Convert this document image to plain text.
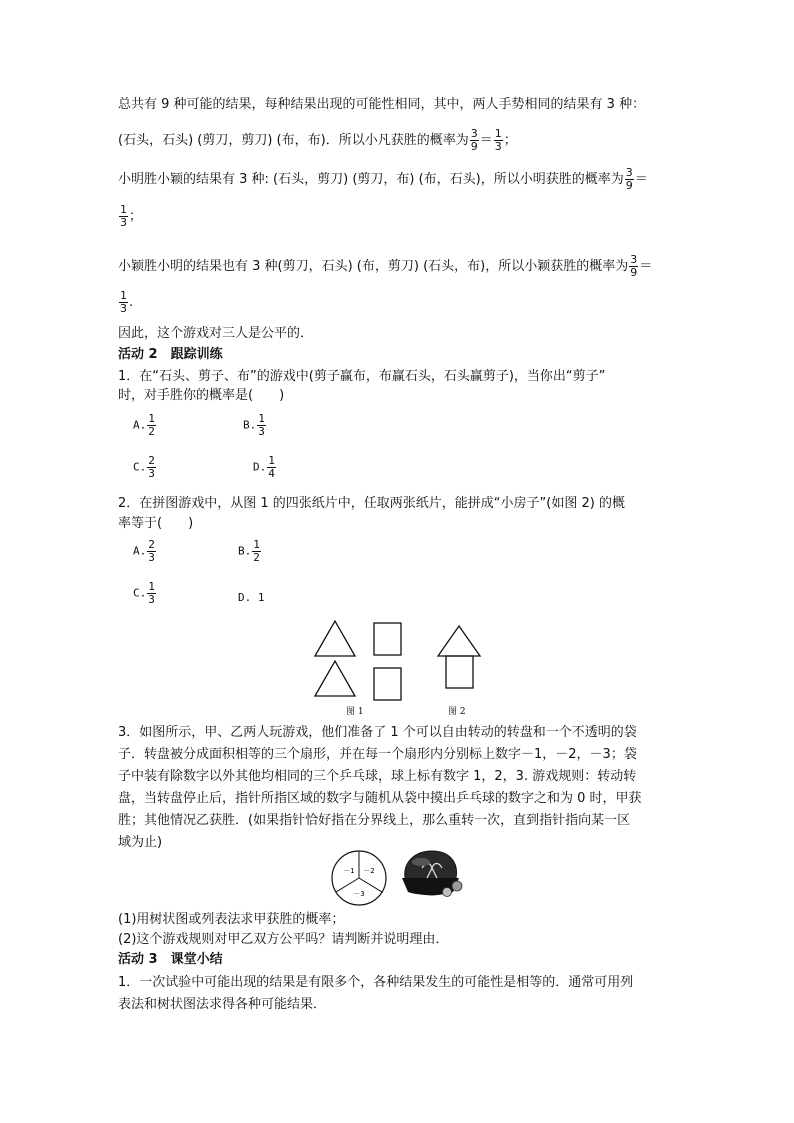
总共有 9 种可能的结果，每种结果出现的可能性相同，其中，两人手势相同的结果有 3 种：
(石头，石头) (剪刀，剪刀) (布，布)．所以小凡获胜的概率为 $\frac{3}{9} = \frac{1}{3}$ ；
小明胜小颖的结果有 3 种: (石头，剪刀) (剪刀，布) (布，石头)，所以小明获胜的概率为 $\frac{3}{9}$ ＝
$\frac{1}{3}$ ；
小颖胜小明的结果也有 3 种(剪刀，石头) (布，剪刀) (石头，布)，所以小颖获胜的概率为 $\frac{3}{9}$ ＝
$\frac{1}{3}$ .
因此，这个游戏对三人是公平的．
活动 2　跟踪训练
1．在“石头、剪子、布”的游戏中(剪子赢布，布赢石头，石头赢剪子)，当你出“剪子”
时，对手胜你的概率是(　　)
A. $\frac{1}{2}$	B. $\frac{1}{3}$
C. $\frac{2}{3}$	D. $\frac{1}{4}$
2．在拼图游戏中，从图 1 的四张纸片中，任取两张纸片，能拼成“小房子”(如图 2) 的概
率等于(　　)
A. $\frac{2}{3}$	B. $\frac{1}{2}$
C. $\frac{1}{3}$	D. 1
图 1	图 2
3．如图所示，甲、乙两人玩游戏，他们准备了 1 个可以自由转动的转盘和一个不透明的袋
子．转盘被分成面积相等的三个扇形，并在每一个扇形内分别标上数字－1，－2，－3；袋
子中装有除数字以外其他均相同的三个乒乓球，球上标有数字 1，2，3. 游戏规则：转动转
盘，当转盘停止后，指针所指区域的数字与随机从袋中摸出乒乓球的数字之和为 0 时，甲获
胜；其他情况乙获胜．(如果指针恰好指在分界线上，那么重转一次，直到指针指向某一区
域为止)
－1 －2
－3
(1)用树状图或列表法求甲获胜的概率；
(2)这个游戏规则对甲乙双方公平吗？请判断并说明理由．
活动 3　课堂小结
1．一次试验中可能出现的结果是有限多个，各种结果发生的可能性是相等的．通常可用列
表法和树状图法求得各种可能结果．
